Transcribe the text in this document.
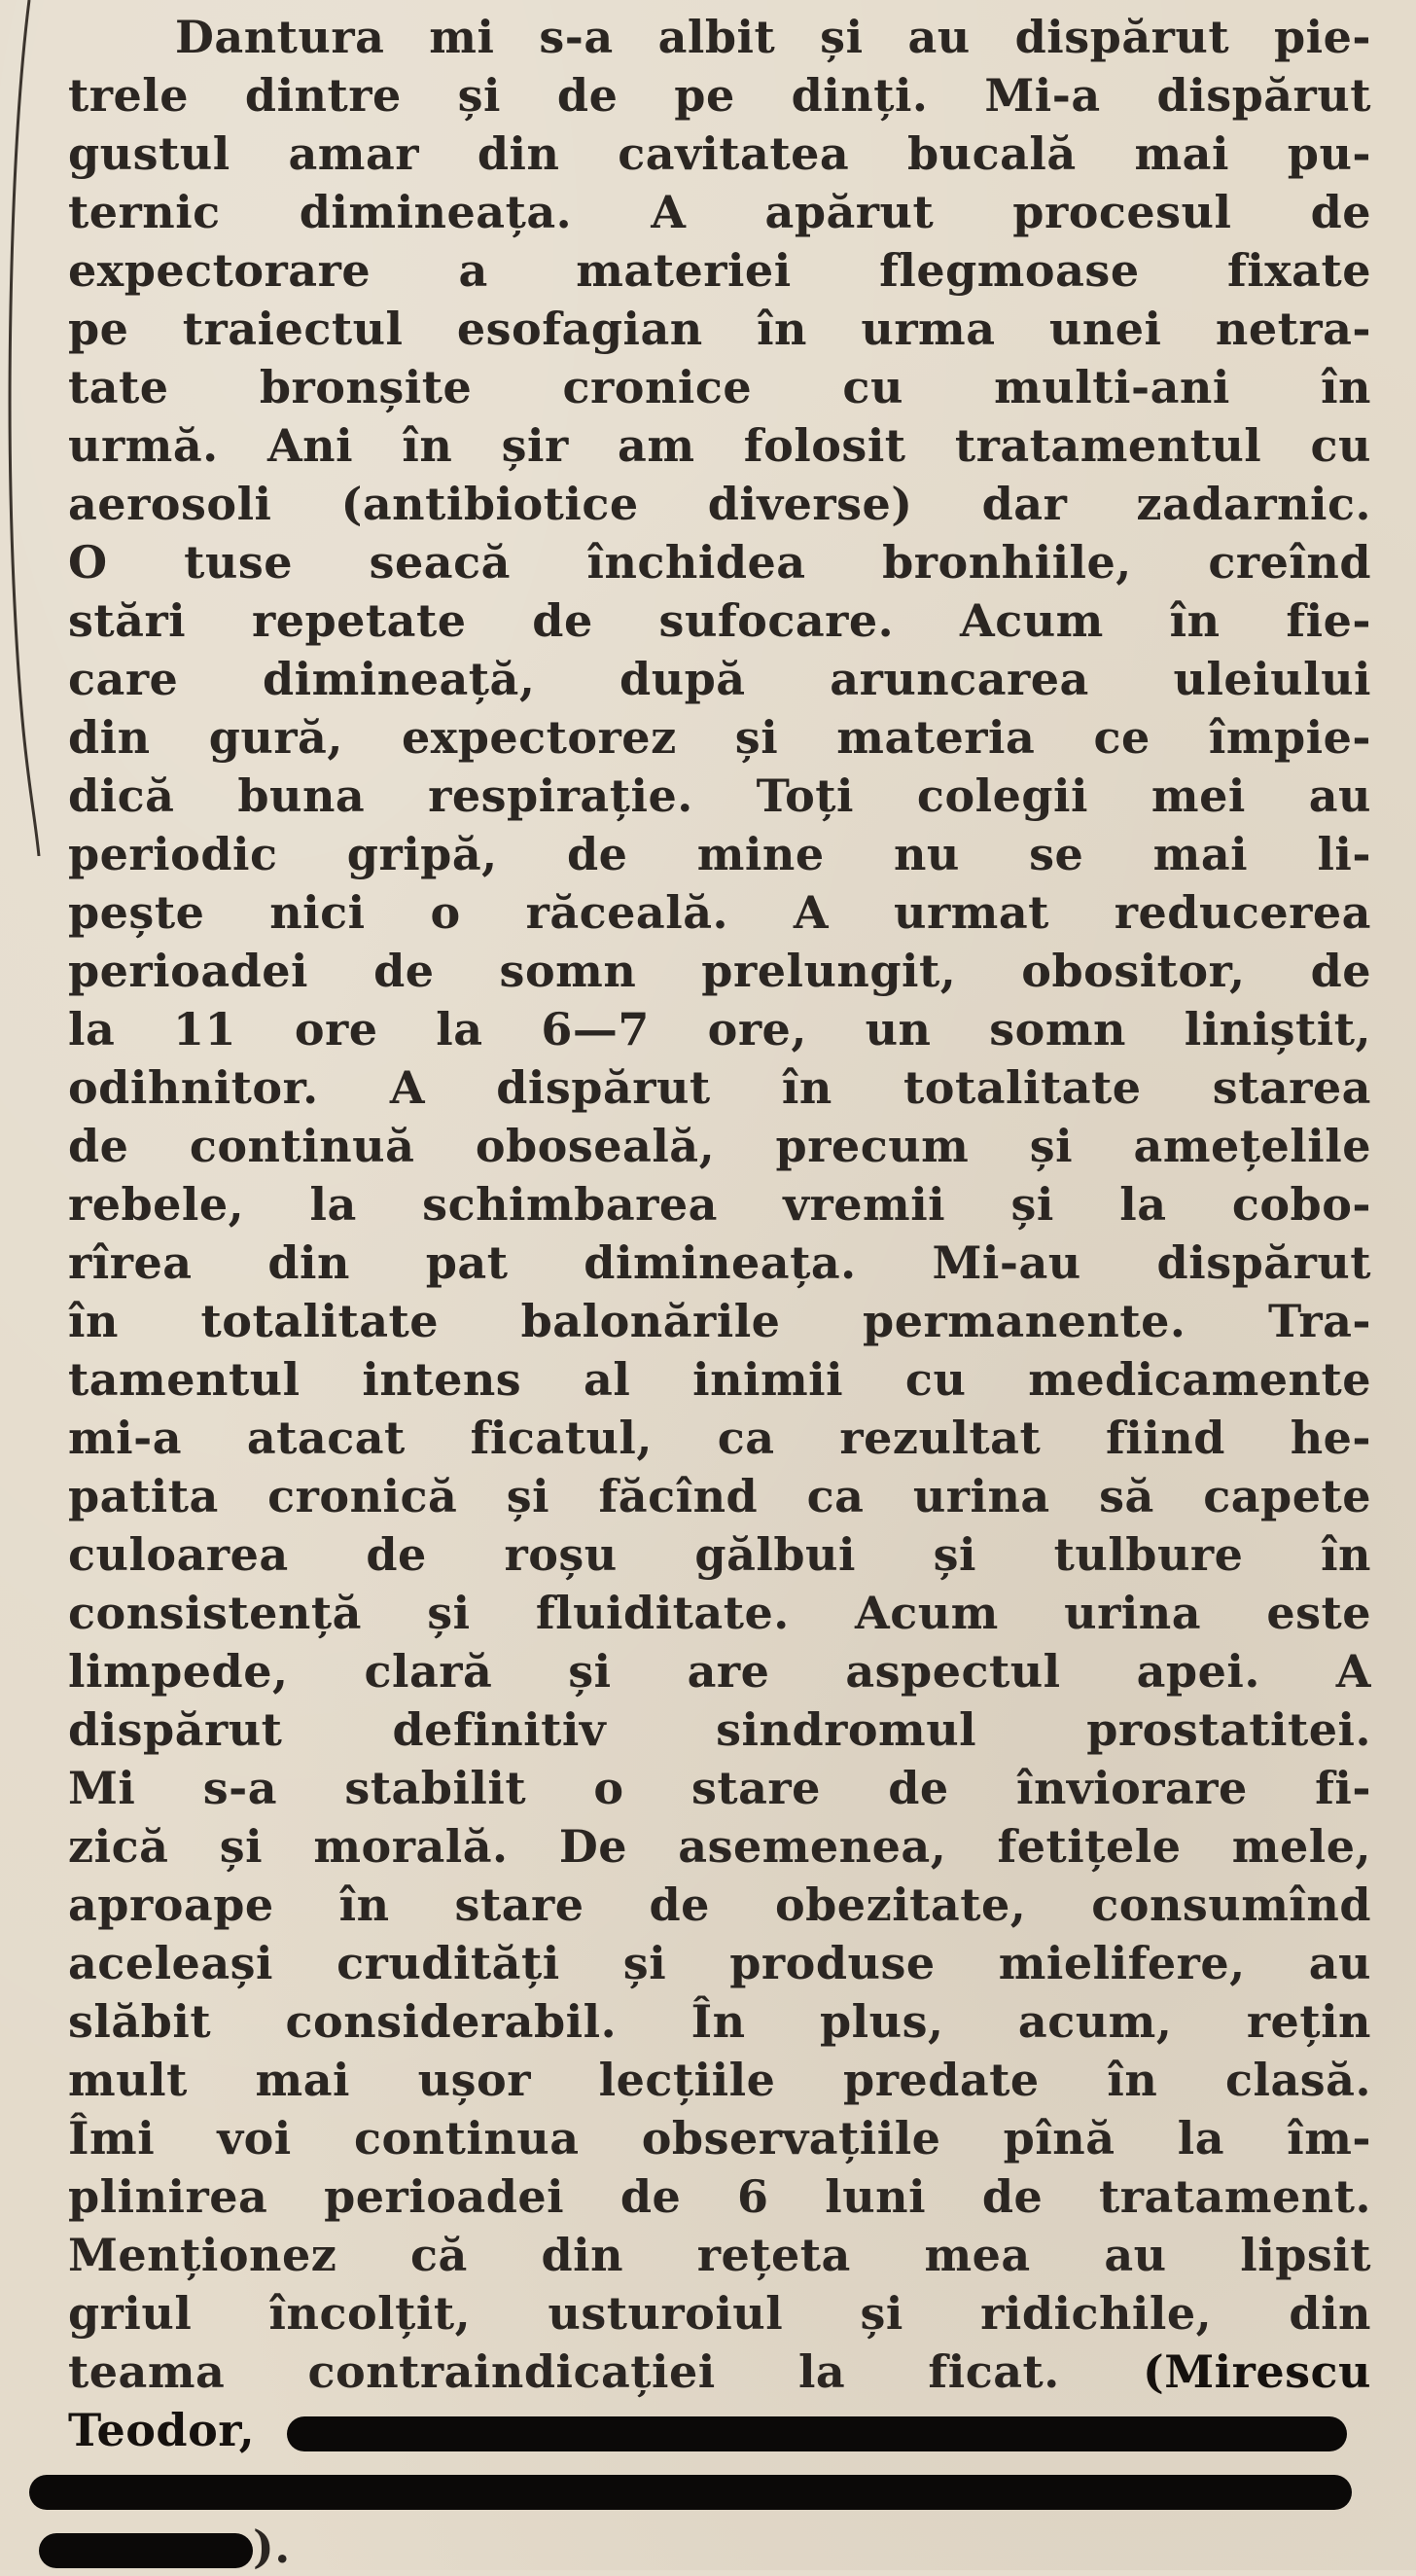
Dantura mi s-a albit și au dispărut pie-
trele dintre și de pe dinți. Mi-a dispărut
gustul amar din cavitatea bucală mai pu-
ternic dimineața. A apărut procesul de
expectorare a materiei flegmoase fixate
pe traiectul esofagian în urma unei netra-
tate bronșite cronice cu multi-ani în
urmă. Ani în șir am folosit tratamentul cu
aerosoli (antibiotice diverse) dar zadarnic.
O tuse seacă închidea bronhiile, creînd
stări repetate de sufocare. Acum în fie-
care dimineață, după aruncarea uleiului
din gură, expectorez și materia ce împie-
dică buna respirație. Toți colegii mei au
periodic gripă, de mine nu se mai li-
pește nici o răceală. A urmat reducerea
perioadei de somn prelungit, obositor, de
la 11 ore la 6—7 ore, un somn liniștit,
odihnitor. A dispărut în totalitate starea
de continuă oboseală, precum și amețelile
rebele, la schimbarea vremii și la cobo-
rîrea din pat dimineața. Mi-au dispărut
în totalitate balonările permanente. Tra-
tamentul intens al inimii cu medicamente
mi-a atacat ficatul, ca rezultat fiind he-
patita cronică și făcînd ca urina să capete
culoarea de roșu gălbui și tulbure în
consistență și fluiditate. Acum urina este
limpede, clară și are aspectul apei. A
dispărut definitiv sindromul prostatitei.
Mi s-a stabilit o stare de înviorare fi-
zică și morală. De asemenea, fetițele mele,
aproape în stare de obezitate, consumînd
aceleași crudități și produse mielifere, au
slăbit considerabil. În plus, acum, rețin
mult mai ușor lecțiile predate în clasă.
Îmi voi continua observațiile pînă la îm-
plinirea perioadei de 6 luni de tratament.
Menționez că din rețeta mea au lipsit
griul încolțit, usturoiul și ridichile, din
teama contraindicației la ficat. (Mirescu
Teodor,
).
